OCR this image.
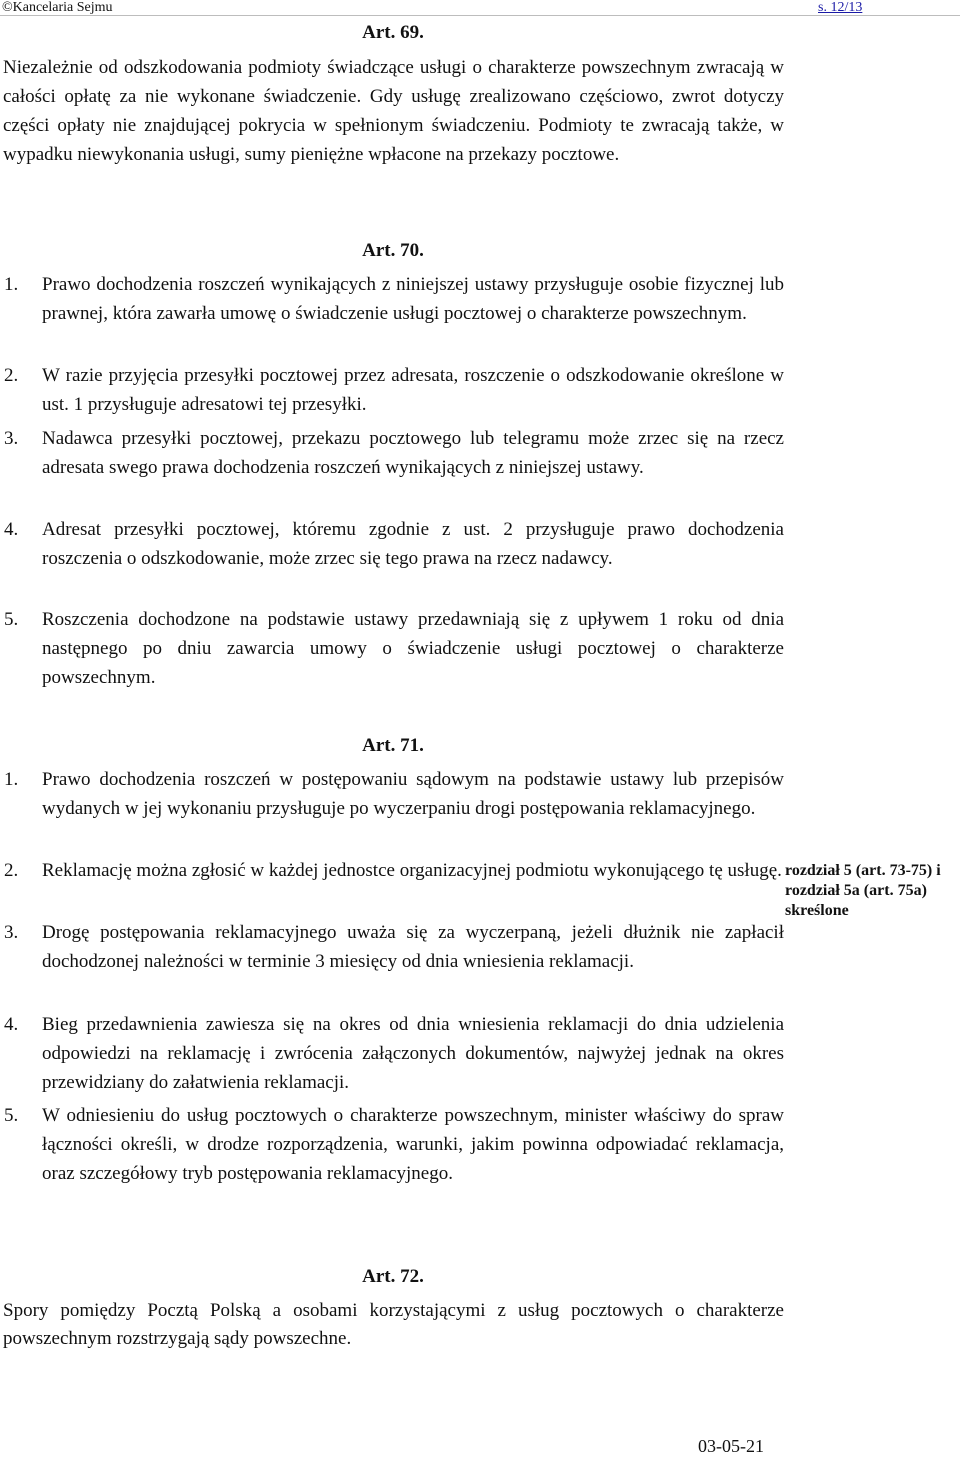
©Kancelaria Sejmu	s. 12/13
Art. 69.

Niezależnie od odszkodowania podmioty świadczące usługi o charakterze powszechnym zwracają w całości opłatę za nie wykonane świadczenie. Gdy usługę zrealizowano częściowo, zwrot dotyczy części opłaty nie znajdującej pokrycia w spełnionym świadczeniu. Podmioty te zwracają także, w wypadku niewykonania usługi, sumy pieniężne wpłacone na przekazy pocztowe.

Art. 70.

1. Prawo dochodzenia roszczeń wynikających z niniejszej ustawy przysługuje osobie fizycznej lub prawnej, która zawarła umowę o świadczenie usługi pocztowej o charakterze powszechnym.

2. W razie przyjęcia przesyłki pocztowej przez adresata, roszczenie o odszkodowanie określone w ust. 1 przysługuje adresatowi tej przesyłki.

3. Nadawca przesyłki pocztowej, przekazu pocztowego lub telegramu może zrzec się na rzecz adresata swego prawa dochodzenia roszczeń wynikających z niniejszej ustawy.

4. Adresat przesyłki pocztowej, któremu zgodnie z ust. 2 przysługuje prawo dochodzenia roszczenia o odszkodowanie, może zrzec się tego prawa na rzecz nadawcy.

5. Roszczenia dochodzone na podstawie ustawy przedawniają się z upływem 1 roku od dnia następnego po dniu zawarcia umowy o świadczenie usługi pocztowej o charakterze powszechnym.

Art. 71.

1. Prawo dochodzenia roszczeń w postępowaniu sądowym na podstawie ustawy lub przepisów wydanych w jej wykonaniu przysługuje po wyczerpaniu drogi postępowania reklamacyjnego.

2. Reklamację można zgłosić w każdej jednostce organizacyjnej podmiotu wykonującego tę usługę.

3. Drogę postępowania reklamacyjnego uważa się za wyczerpaną, jeżeli dłużnik nie zapłacił dochodzonej należności w terminie 3 miesięcy od dnia wniesienia reklamacji.

4. Bieg przedawnienia zawiesza się na okres od dnia wniesienia reklamacji do dnia udzielenia odpowiedzi na reklamację i zwrócenia załączonych dokumentów, najwyżej jednak na okres przewidziany do załatwienia reklamacji.

5. W odniesieniu do usług pocztowych o charakterze powszechnym, minister właściwy do spraw łączności określi, w drodze rozporządzenia, warunki, jakim powinna odpowiadać reklamacja, oraz szczegółowy tryb postępowania reklamacyjnego.

Art. 72.

Spory pomiędzy Pocztą Polską a osobami korzystającymi z usług pocztowych o charakterze powszechnym rozstrzygają sądy powszechne.

rozdział 5 (art. 73-75) i rozdział 5a (art. 75a) skreślone
03-05-21
